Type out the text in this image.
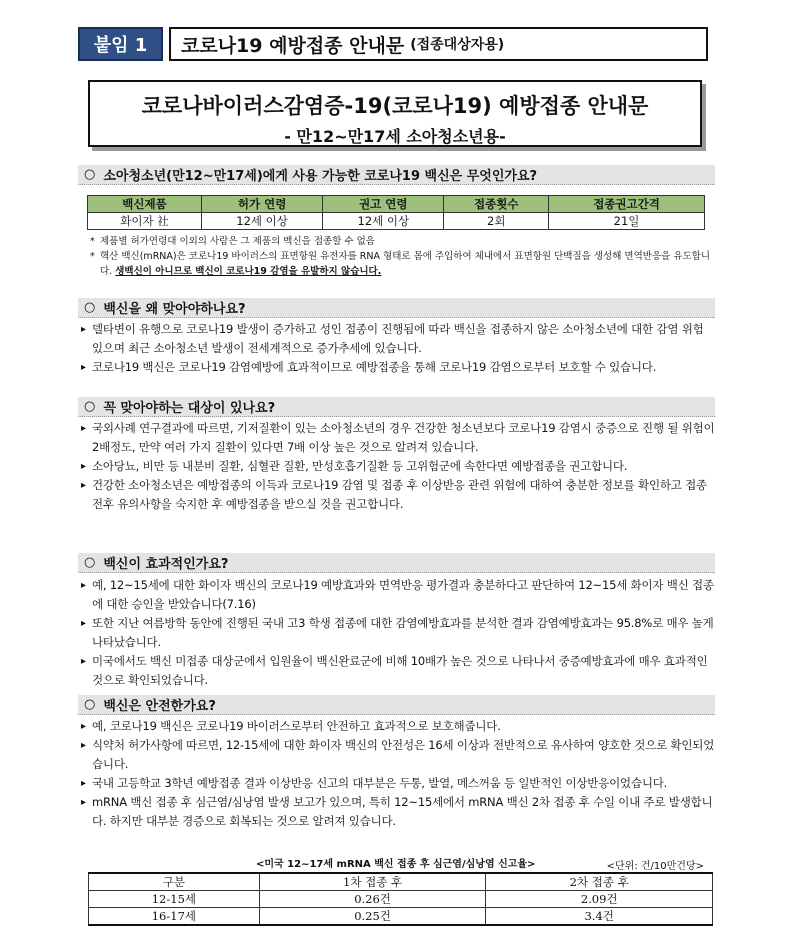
붙임 1	코로나19 예방접종 안내문 (접종대상자용)
코로나바이러스감염증-19(코로나19) 예방접종 안내문
- 만12~만17세 소아청소년용-
○ 소아청소년(만12~만17세)에게 사용 가능한 코로나19 백신은 무엇인가요?
백신제품	허가 연령	권고 연령	접종횟수	접종권고간격
화이자 社	12세 이상	12세 이상	2회	21일
* 제품별 허가연령대 이외의 사람은 그 제품의 백신을 접종할 수 없음
* 핵산 백신(mRNA)은 코로나19 바이러스의 표면항원 유전자를 RNA 형태로 몸에 주입하여 체내에서 표면항원 단백질을 생성해 면역반응을 유도합니다. 생백신이 아니므로 백신이 코로나19 감염을 유발하지 않습니다.
○ 백신을 왜 맞아야하나요?
▸ 델타변이 유행으로 코로나19 발생이 증가하고 성인 접종이 진행됨에 따라 백신을 접종하지 않은 소아청소년에 대한 감염 위험 있으며 최근 소아청소년 발생이 전세계적으로 증가추세에 있습니다.
▸ 코로나19 백신은 코로나19 감염예방에 효과적이므로 예방접종을 통해 코로나19 감염으로부터 보호할 수 있습니다.
○ 꼭 맞아야하는 대상이 있나요?
▸ 국외사례 연구결과에 따르면, 기저질환이 있는 소아청소년의 경우 건강한 청소년보다 코로나19 감염시 중증으로 진행 될 위험이 2배정도, 만약 여러 가지 질환이 있다면 7배 이상 높은 것으로 알려져 있습니다.
▸ 소아당뇨, 비만 등 내분비 질환, 심혈관 질환, 만성호흡기질환 등 고위험군에 속한다면 예방접종을 권고합니다.
▸ 건강한 소아청소년은 예방접종의 이득과 코로나19 감염 및 접종 후 이상반응 관련 위험에 대하여 충분한 정보를 확인하고 접종 전후 유의사항을 숙지한 후 예방접종을 받으실 것을 권고합니다.
○ 백신이 효과적인가요?
▸ 예, 12~15세에 대한 화이자 백신의 코로나19 예방효과와 면역반응 평가결과 충분하다고 판단하여 12~15세 화이자 백신 접종에 대한 승인을 받았습니다(7.16)
▸ 또한 지난 여름방학 동안에 진행된 국내 고3 학생 접종에 대한 감염예방효과를 분석한 결과 감염예방효과는 95.8%로 매우 높게 나타났습니다.
▸ 미국에서도 백신 미접종 대상군에서 입원율이 백신완료군에 비해 10배가 높은 것으로 나타나서 중증예방효과에 매우 효과적인 것으로 확인되었습니다.
○ 백신은 안전한가요?
▸ 예, 코로나19 백신은 코로나19 바이러스로부터 안전하고 효과적으로 보호해줍니다.
▸ 식약처 허가사항에 따르면, 12-15세에 대한 화이자 백신의 안전성은 16세 이상과 전반적으로 유사하여 양호한 것으로 확인되었습니다.
▸ 국내 고등학교 3학년 예방접종 결과 이상반응 신고의 대부분은 두통, 발열, 메스꺼움 등 일반적인 이상반응이었습니다.
▸ mRNA 백신 접종 후 심근염/심낭염 발생 보고가 있으며, 특히 12~15세에서 mRNA 백신 2차 접종 후 수일 이내 주로 발생합니다. 하지만 대부분 경증으로 회복되는 것으로 알려져 있습니다.
<미국 12~17세 mRNA 백신 접종 후 심근염/심낭염 신고율>	<단위: 건/10만건당>
구분	1차 접종 후	2차 접종 후
12-15세	0.26건	2.09건
16-17세	0.25건	3.4건
